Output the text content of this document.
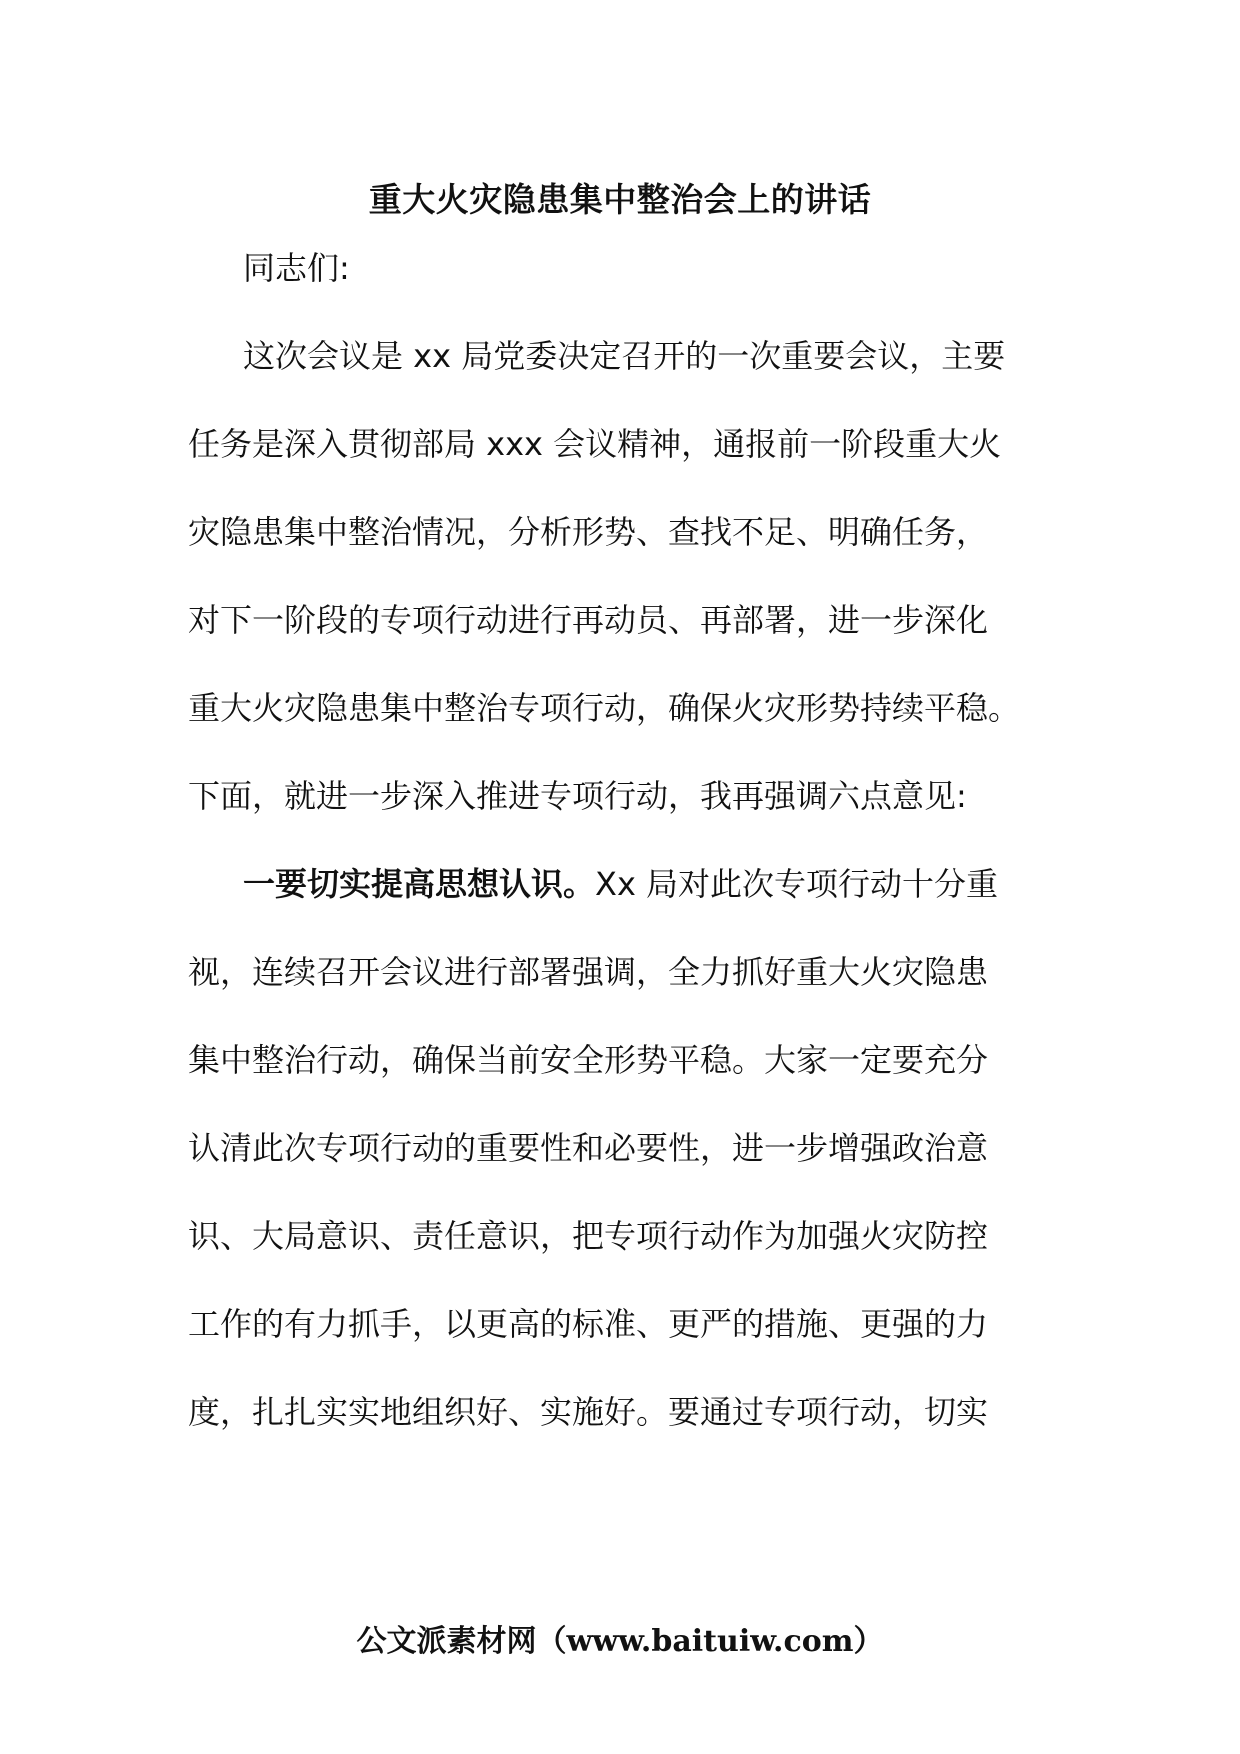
重大火灾隐患集中整治会上的讲话
同志们:
这次会议是 xx 局党委决定召开的一次重要会议，主要
任务是深入贯彻部局 xxx 会议精神，通报前一阶段重大火
灾隐患集中整治情况，分析形势、查找不足、明确任务，
对下一阶段的专项行动进行再动员、再部署，进一步深化
重大火灾隐患集中整治专项行动，确保火灾形势持续平稳。
下面，就进一步深入推进专项行动，我再强调六点意见:
一要切实提高思想认识。Xx 局对此次专项行动十分重
视，连续召开会议进行部署强调，全力抓好重大火灾隐患
集中整治行动，确保当前安全形势平稳。大家一定要充分
认清此次专项行动的重要性和必要性，进一步增强政治意
识、大局意识、责任意识，把专项行动作为加强火灾防控
工作的有力抓手，以更高的标准、更严的措施、更强的力
度，扎扎实实地组织好、实施好。要通过专项行动，切实
公文派素材网（www.baituiw.com）
